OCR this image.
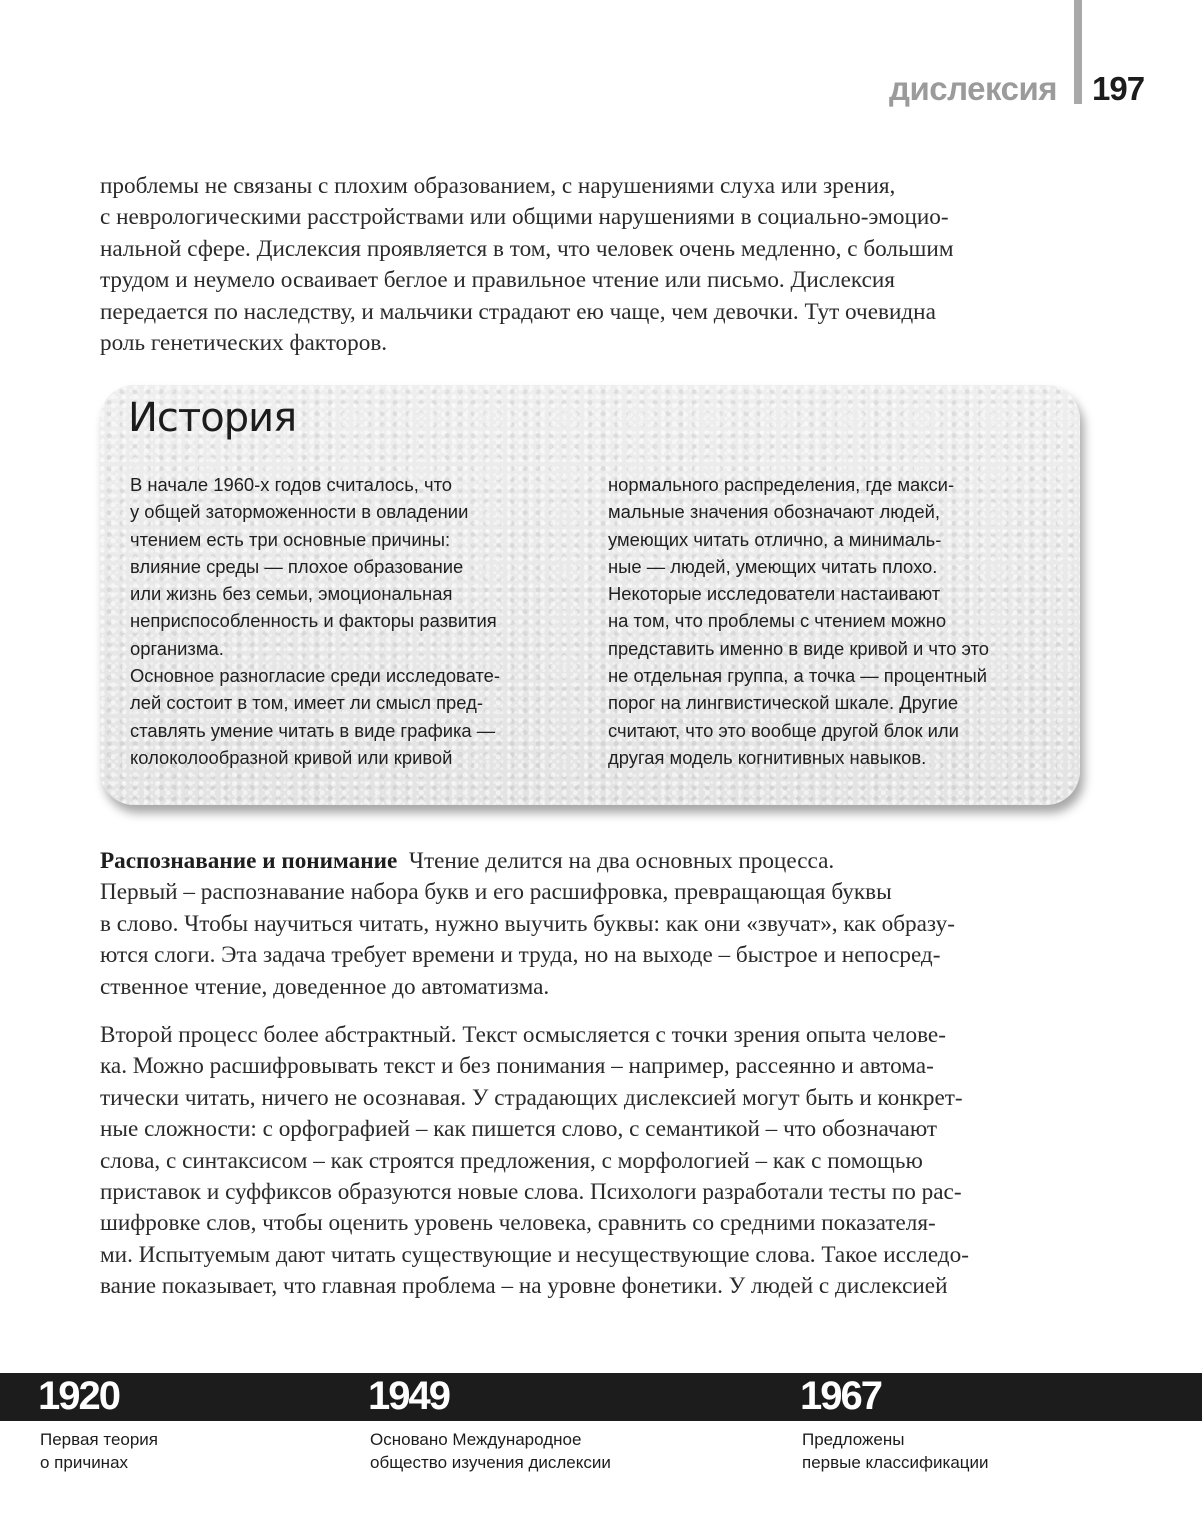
дислексия 197
проблемы не связаны с плохим образованием, с нарушениями слуха или зрения,
с неврологическими расстройствами или общими нарушениями в социально-эмоцио-
нальной сфере. Дислексия проявляется в том, что человек очень медленно, с большим
трудом и неумело осваивает беглое и правильное чтение или письмо. Дислексия
передается по наследству, и мальчики страдают ею чаще, чем девочки. Тут очевидна
роль генетических факторов.
История
В начале 1960-х годов считалось, что
у общей заторможенности в овладении
чтением есть три основные причины:
влияние среды — плохое образование
или жизнь без семьи, эмоциональная
неприспособленность и факторы развития
организма.
Основное разногласие среди исследовате-
лей состоит в том, имеет ли смысл пред-
ставлять умение читать в виде графика —
колоколообразной кривой или кривой
нормального распределения, где макси-
мальные значения обозначают людей,
умеющих читать отлично, а минималь-
ные — людей, умеющих читать плохо.
Некоторые исследователи настаивают
на том, что проблемы с чтением можно
представить именно в виде кривой и что это
не отдельная группа, а точка — процентный
порог на лингвистической шкале. Другие
считают, что это вообще другой блок или
другая модель когнитивных навыков.
Распознавание и понимание Чтение делится на два основных процесса.
Первый – распознавание набора букв и его расшифровка, превращающая буквы
в слово. Чтобы научиться читать, нужно выучить буквы: как они «звучат», как образу-
ются слоги. Эта задача требует времени и труда, но на выходе – быстрое и непосред-
ственное чтение, доведенное до автоматизма.
Второй процесс более абстрактный. Текст осмысляется с точки зрения опыта челове-
ка. Можно расшифровывать текст и без понимания – например, рассеянно и автома-
тически читать, ничего не осознавая. У страдающих дислексией могут быть и конкрет-
ные сложности: с орфографией – как пишется слово, с семантикой – что обозначают
слова, с синтаксисом – как строятся предложения, с морфологией – как с помощью
приставок и суффиксов образуются новые слова. Психологи разработали тесты по рас-
шифровке слов, чтобы оценить уровень человека, сравнить со средними показателя-
ми. Испытуемым дают читать существующие и несуществующие слова. Такое исследо-
вание показывает, что главная проблема – на уровне фонетики. У людей с дислексией
1920
Первая теория
о причинах
1949
Основано Международное
общество изучения дислексии
1967
Предложены
первые классификации
